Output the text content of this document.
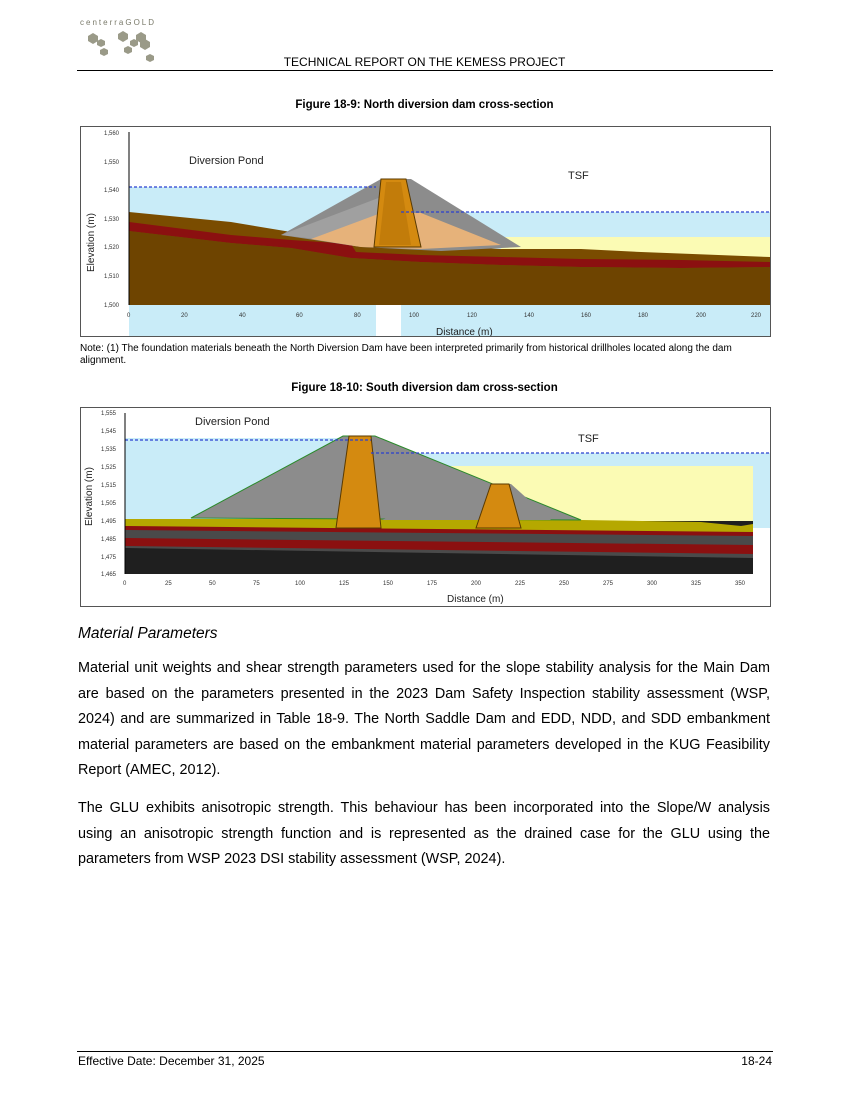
centerraGOLD
TECHNICAL REPORT ON THE KEMESS PROJECT
Figure 18-9: North diversion dam cross-section
1,560
1,550
1,540
1,530
1,520
1,510
1,500
0	20	40	60	80	100	120	140	160	180	200	220
Diversion Pond
TSF
Distance (m)
Elevation (m)
Note: (1) The foundation materials beneath the North Diversion Dam have been interpreted primarily from historical drillholes located along the dam alignment.
Figure 18-10: South diversion dam cross-section
1,555
1,545
1,535
1,525
1,515
1,505
1,495
1,485
1,475
1,465
0	25	50	75	100	125	150	175	200	225	250	275	300	325	350
Diversion Pond
TSF
Distance (m)
Elevation (m)
Material Parameters
Material unit weights and shear strength parameters used for the slope stability analysis for the Main Dam are based on the parameters presented in the 2023 Dam Safety Inspection stability assessment (WSP, 2024) and are summarized in Table 18-9. The North Saddle Dam and EDD, NDD, and SDD embankment material parameters are based on the embankment material parameters developed in the KUG Feasibility Report (AMEC, 2012).
The GLU exhibits anisotropic strength. This behaviour has been incorporated into the Slope/W analysis using an anisotropic strength function and is represented as the drained case for the GLU using the parameters from WSP 2023 DSI stability assessment (WSP, 2024).
Effective Date: December 31, 2025	18-24
